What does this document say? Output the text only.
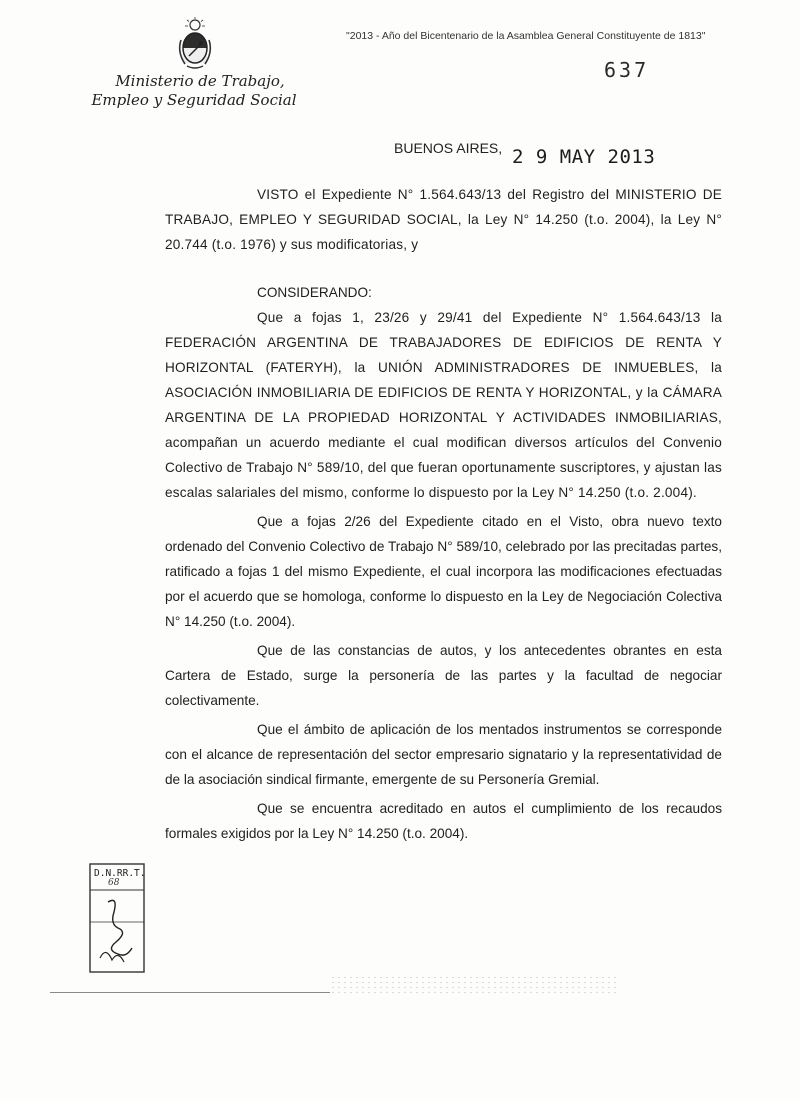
Ministerio de Trabajo,
Empleo y Seguridad Social
"2013 - Año del Bicentenario de la Asamblea General Constituyente de 1813"
637
BUENOS AIRES, 2 9 MAY 2013

VISTO el Expediente N° 1.564.643/13 del Registro del MINISTERIO DE TRABAJO, EMPLEO Y SEGURIDAD SOCIAL, la Ley N° 14.250 (t.o. 2004), la Ley N° 20.744 (t.o. 1976) y sus modificatorias, y

CONSIDERANDO:

Que a fojas 1, 23/26 y 29/41 del Expediente N° 1.564.643/13 la FEDERACIÓN ARGENTINA DE TRABAJADORES DE EDIFICIOS DE RENTA Y HORIZONTAL (FATERYH), la UNIÓN ADMINISTRADORES DE INMUEBLES, la ASOCIACIÓN INMOBILIARIA DE EDIFICIOS DE RENTA Y HORIZONTAL, y la CÁMARA ARGENTINA DE LA PROPIEDAD HORIZONTAL Y ACTIVIDADES INMOBILIARIAS, acompañan un acuerdo mediante el cual modifican diversos artículos del Convenio Colectivo de Trabajo N° 589/10, del que fueran oportunamente suscriptores, y ajustan las escalas salariales del mismo, conforme lo dispuesto por la Ley N° 14.250 (t.o. 2.004).

Que a fojas 2/26 del Expediente citado en el Visto, obra nuevo texto ordenado del Convenio Colectivo de Trabajo N° 589/10, celebrado por las precitadas partes, ratificado a fojas 1 del mismo Expediente, el cual incorpora las modificaciones efectuadas por el acuerdo que se homologa, conforme lo dispuesto en la Ley de Negociación Colectiva N° 14.250 (t.o. 2004).

Que de las constancias de autos, y los antecedentes obrantes en esta Cartera de Estado, surge la personería de las partes y la facultad de negociar colectivamente.

Que el ámbito de aplicación de los mentados instrumentos se corresponde con el alcance de representación del sector empresario signatario y la representatividad de de la asociación sindical firmante, emergente de su Personería Gremial.

Que se encuentra acreditado en autos el cumplimiento de los recaudos formales exigidos por la Ley N° 14.250 (t.o. 2004).

D.N.RR.T.
68
